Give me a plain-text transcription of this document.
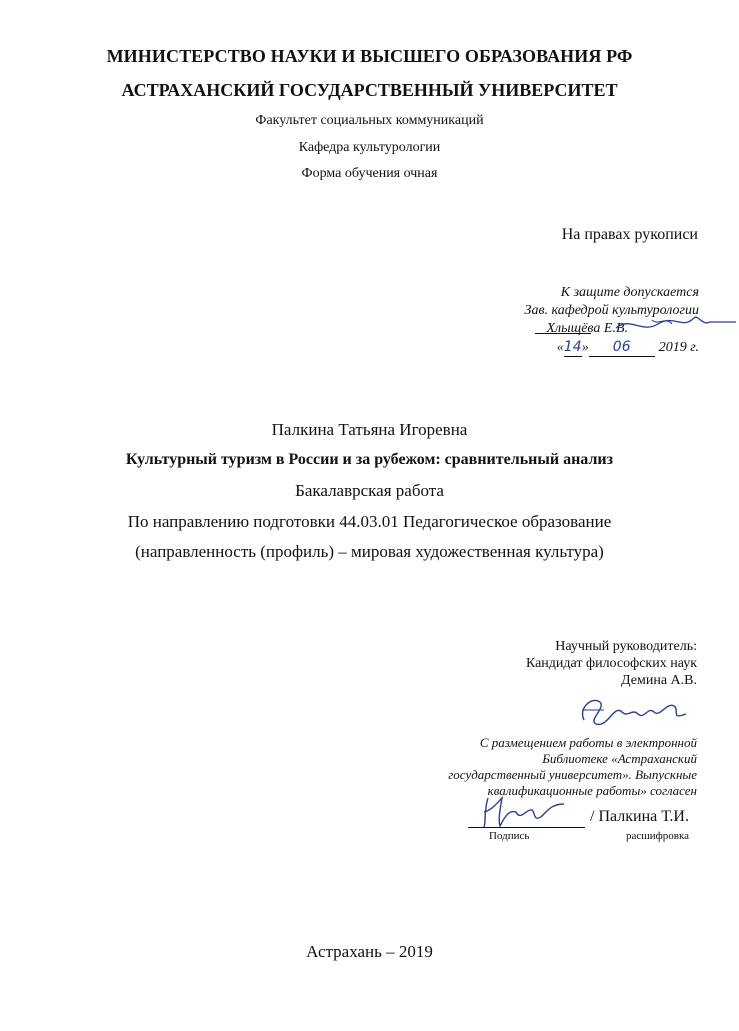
МИНИСТЕРСТВО НАУКИ И ВЫСШЕГО ОБРАЗОВАНИЯ РФ
АСТРАХАНСКИЙ ГОСУДАРСТВЕННЫЙ УНИВЕРСИТЕТ
Факультет социальных коммуникаций
Кафедра культурологии
Форма обучения очная
На правах рукописи
К защите допускается
Зав. кафедрой культурологии
Хлыщёва Е.В.
«14» 06 2019 г.
Палкина Татьяна Игоревна
Культурный туризм в России и за рубежом: сравнительный анализ
Бакалаврская работа
По направлению подготовки 44.03.01 Педагогическое образование
(направленность (профиль) – мировая художественная культура)
Научный руководитель:
Кандидат философских наук
Демина А.В.
С размещением работы в электронной
Библиотеке «Астраханский
государственный университет». Выпускные
квалификационные работы» согласен
/ Палкина Т.И.
Подпись	расшифровка
Астрахань – 2019
